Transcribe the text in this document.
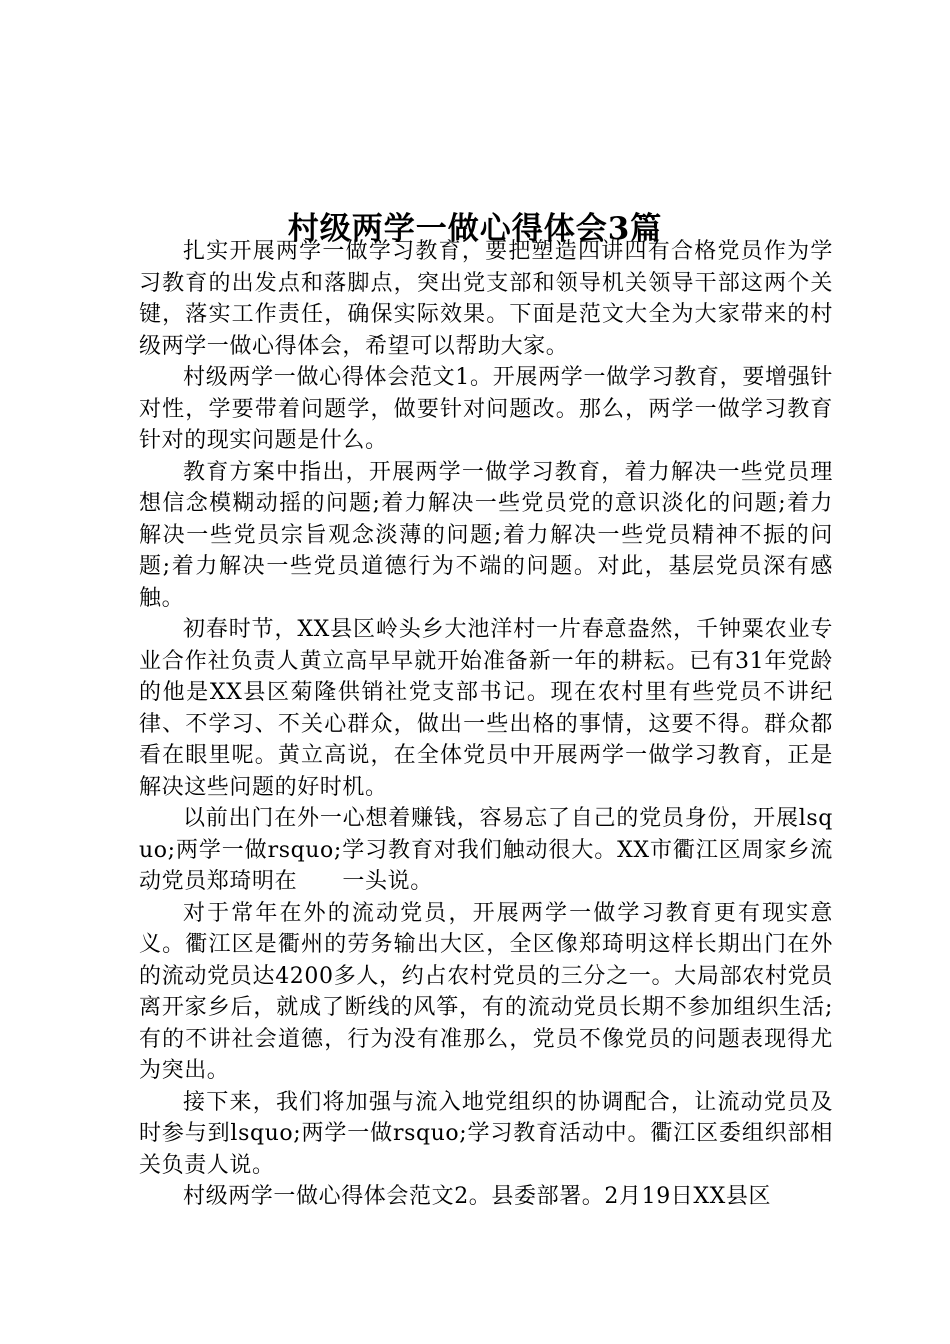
村级两学一做心得体会3篇

扎实开展两学一做学习教育，要把塑造四讲四有合格党员作为学习教育的出发点和落脚点，突出党支部和领导机关领导干部这两个关键，落实工作责任，确保实际效果。下面是范文大全为大家带来的村级两学一做心得体会，希望可以帮助大家。

村级两学一做心得体会范文1。开展两学一做学习教育，要增强针对性，学要带着问题学，做要针对问题改。那么，两学一做学习教育针对的现实问题是什么。

教育方案中指出，开展两学一做学习教育，着力解决一些党员理想信念模糊动摇的问题;着力解决一些党员党的意识淡化的问题;着力解决一些党员宗旨观念淡薄的问题;着力解决一些党员精神不振的问题;着力解决一些党员道德行为不端的问题。对此，基层党员深有感触。

初春时节，XX县区岭头乡大池洋村一片春意盎然，千钟粟农业专业合作社负责人黄立高早早就开始准备新一年的耕耘。已有31年党龄的他是XX县区菊隆供销社党支部书记。现在农村里有些党员不讲纪律、不学习、不关心群众，做出一些出格的事情，这要不得。群众都看在眼里呢。黄立高说，在全体党员中开展两学一做学习教育，正是解决这些问题的好时机。

以前出门在外一心想着赚钱，容易忘了自己的党员身份，开展lsquo;两学一做rsquo;学习教育对我们触动很大。XX市衢江区周家乡流动党员郑琦明在　　一头说。

对于常年在外的流动党员，开展两学一做学习教育更有现实意义。衢江区是衢州的劳务输出大区，全区像郑琦明这样长期出门在外的流动党员达4200多人，约占农村党员的三分之一。大局部农村党员离开家乡后，就成了断线的风筝，有的流动党员长期不参加组织生活;有的不讲社会道德，行为没有准那么，党员不像党员的问题表现得尤为突出。

接下来，我们将加强与流入地党组织的协调配合，让流动党员及时参与到lsquo;两学一做rsquo;学习教育活动中。衢江区委组织部相关负责人说。

村级两学一做心得体会范文2。县委部署。2月19日XX县区
